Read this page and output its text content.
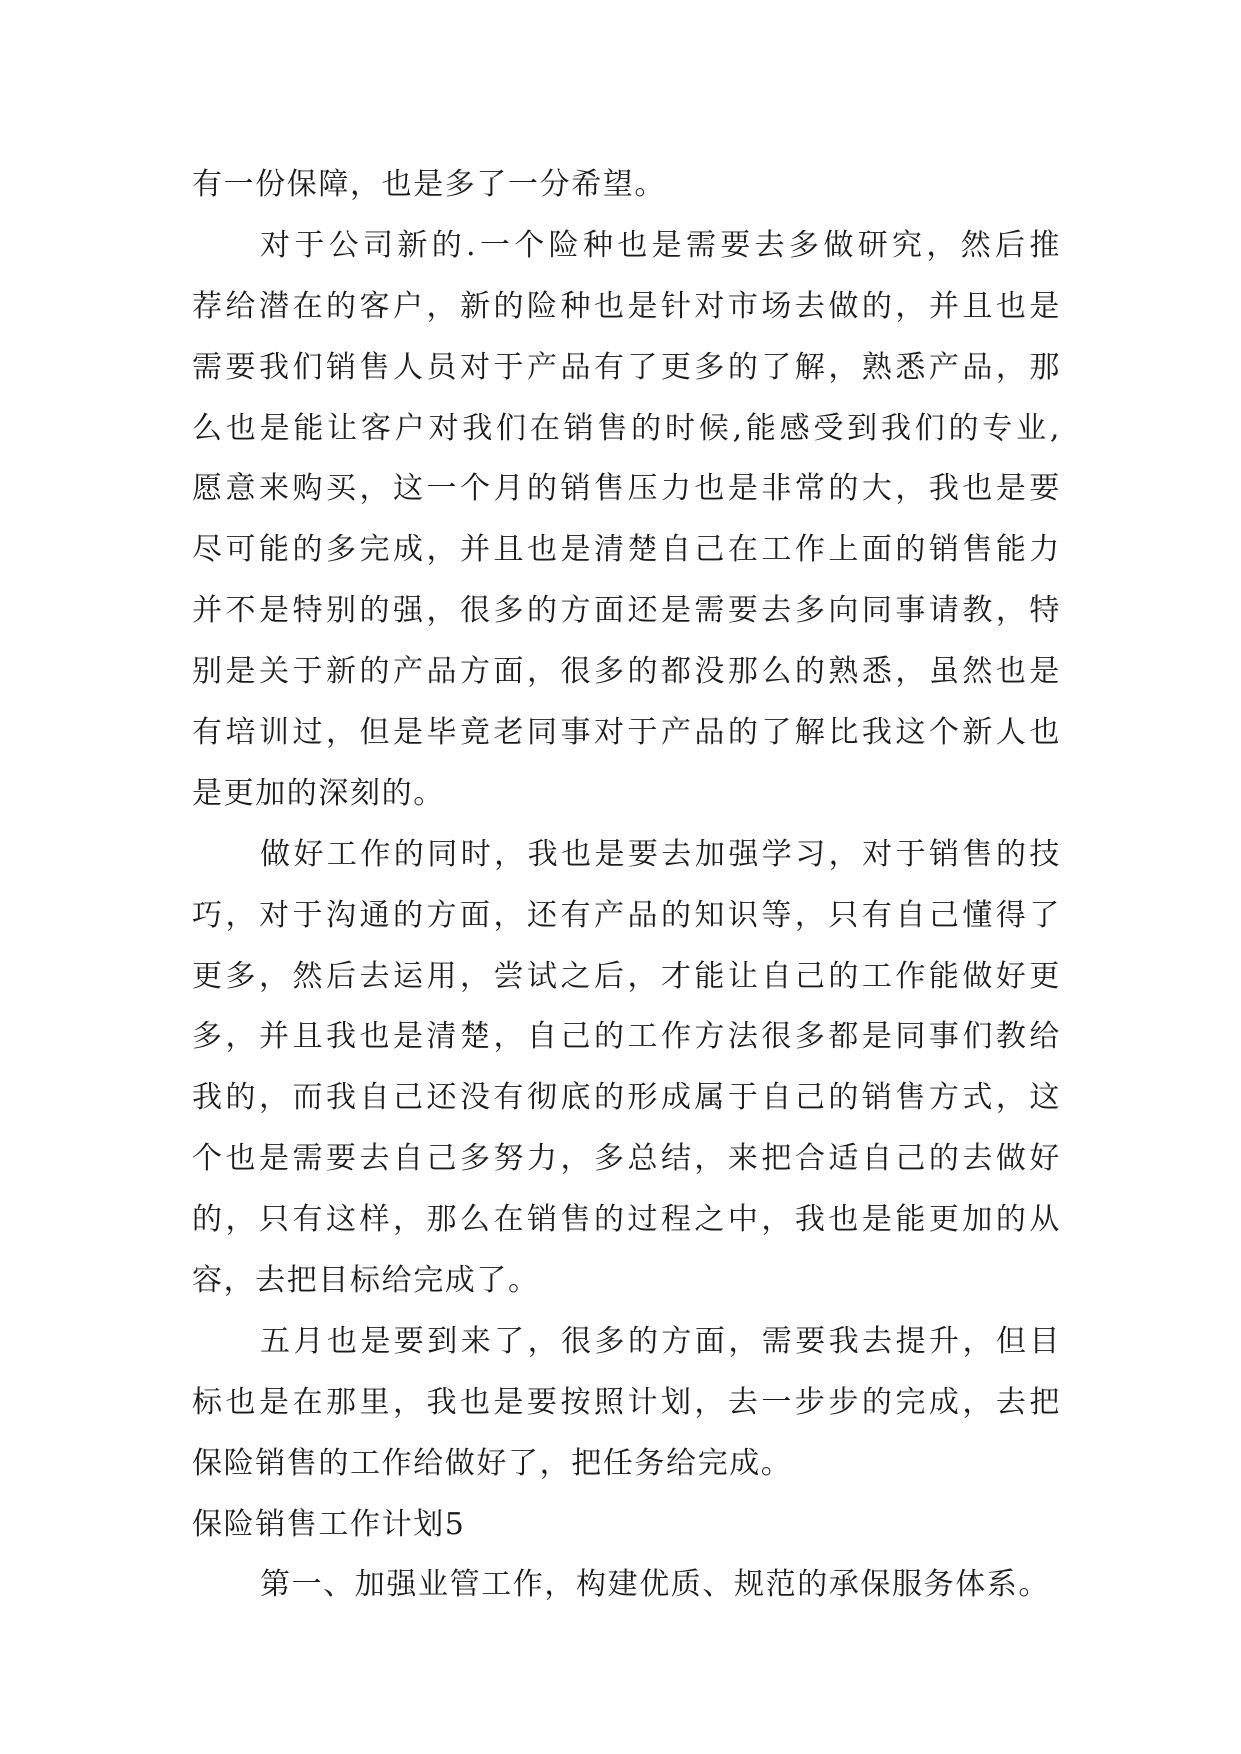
有一份保障，也是多了一分希望。
对于公司新的.一个险种也是需要去多做研究，然后推
荐给潜在的客户，新的险种也是针对市场去做的，并且也是
需要我们销售人员对于产品有了更多的了解，熟悉产品，那
么也是能让客户对我们在销售的时候,能感受到我们的专业,
愿意来购买，这一个月的销售压力也是非常的大，我也是要
尽可能的多完成，并且也是清楚自己在工作上面的销售能力
并不是特别的强，很多的方面还是需要去多向同事请教，特
别是关于新的产品方面，很多的都没那么的熟悉，虽然也是
有培训过，但是毕竟老同事对于产品的了解比我这个新人也
是更加的深刻的。
做好工作的同时，我也是要去加强学习，对于销售的技
巧，对于沟通的方面，还有产品的知识等，只有自己懂得了
更多，然后去运用，尝试之后，才能让自己的工作能做好更
多，并且我也是清楚，自己的工作方法很多都是同事们教给
我的，而我自己还没有彻底的形成属于自己的销售方式，这
个也是需要去自己多努力，多总结，来把合适自己的去做好
的，只有这样，那么在销售的过程之中，我也是能更加的从
容，去把目标给完成了。
五月也是要到来了，很多的方面，需要我去提升，但目
标也是在那里，我也是要按照计划，去一步步的完成，去把
保险销售的工作给做好了，把任务给完成。
保险销售工作计划5
第一、加强业管工作，构建优质、规范的承保服务体系。
